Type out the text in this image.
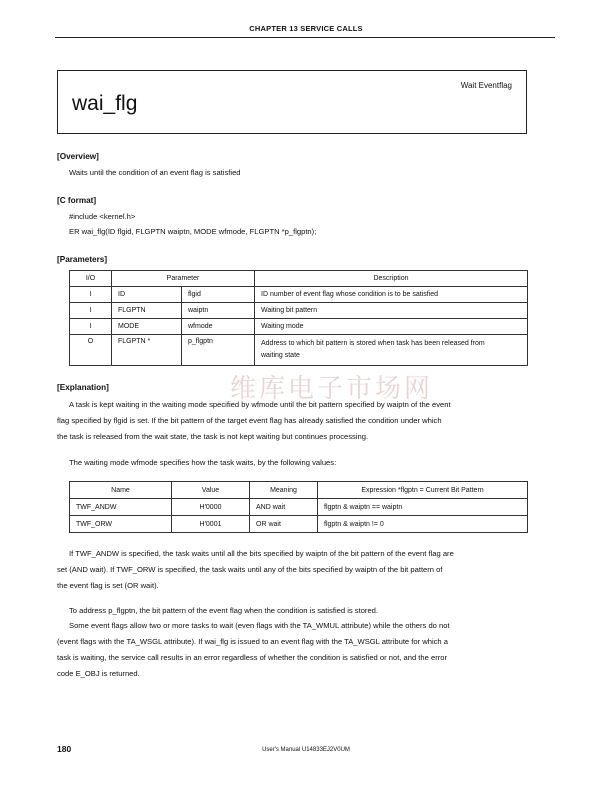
CHAPTER 13 SERVICE CALLS
wai_flg
Wait Eventflag
[Overview]
Waits until the condition of an event flag is satisfied
[C format]
#include <kernel.h>
ER wai_flg(ID flgid, FLGPTN waiptn, MODE wfmode, FLGPTN *p_flgptn);
[Parameters]
I/O	Parameter		Description
I	ID	flgid	ID number of event flag whose condition is to be satisfied
I	FLGPTN	waiptn	Waiting bit pattern
I	MODE	wfmode	Waiting mode
O	FLGPTN *	p_flgptn	Address to which bit pattern is stored when task has been released from
waiting state
维库电子市场网
[Explanation]
A task is kept waiting in the waiting mode specified by wfmode until the bit pattern specified by waiptn of the event
flag specified by flgid is set. If the bit pattern of the target event flag has already satisfied the condition under which
the task is released from the wait state, the task is not kept waiting but continues processing.
The waiting mode wfmode specifies how the task waits, by the following values:
Name	Value	Meaning	Expression *flgptn = Current Bit Pattern
TWF_ANDW	H'0000	AND wait	flgptn & waiptn == waiptn
TWF_ORW	H'0001	OR wait	flgptn & waiptn != 0
If TWF_ANDW is specified, the task waits until all the bits specified by waiptn of the bit pattern of the event flag are
set (AND wait). If TWF_ORW is specified, the task waits until any of the bits specified by waiptn of the bit pattern of
the event flag is set (OR wait).
To address p_flgptn, the bit pattern of the event flag when the condition is satisfied is stored.
Some event flags allow two or more tasks to wait (even flags with the TA_WMUL attribute) while the others do not
(event flags with the TA_WSGL attribute). If wai_flg is issued to an event flag with the TA_WSGL attribute for which a
task is waiting, the service call results in an error regardless of whether the condition is satisfied or not, and the error
code E_OBJ is returned.
180	User's Manual U14833EJ2V0UM
